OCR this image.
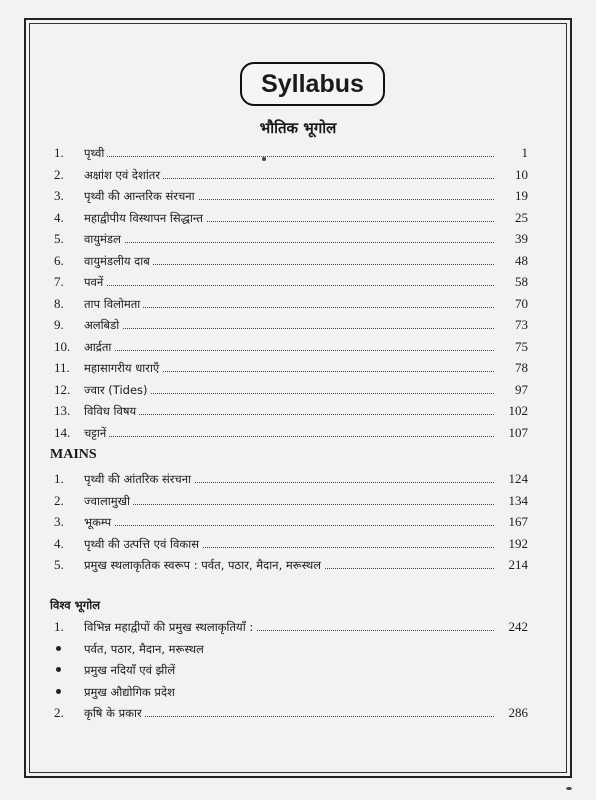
Syllabus
भौतिक भूगोल
1. पृथ्वी	1
2. अक्षांश एवं देशांतर	10
3. पृथ्वी की आन्तरिक संरचना	19
4. महाद्वीपीय विस्थापन सिद्धान्त	25
5. वायुमंडल	39
6. वायुमंडलीय दाब	48
7. पवनें	58
8. ताप विलोमता	70
9. अलबिडो	73
10. आर्द्रता	75
11. महासागरीय धाराएँ	78
12. ज्वार (Tides)	97
13. विविध विषय	102
14. चट्टानें	107
MAINS
1. पृथ्वी की आंतरिक संरचना	124
2. ज्वालामुखी	134
3. भूकम्प	167
4. पृथ्वी की उत्पत्ति एवं विकास	192
5. प्रमुख स्थलाकृतिक स्वरूप : पर्वत, पठार, मैदान, मरूस्थल	214
विश्व भूगोल
1. विभिन्न महाद्वीपों की प्रमुख स्थलाकृतियाँ :	242
पर्वत, पठार, मैदान, मरूस्थल
प्रमुख नदियाँ एवं झीलें
प्रमुख औद्योगिक प्रदेश
2. कृषि के प्रकार	286
